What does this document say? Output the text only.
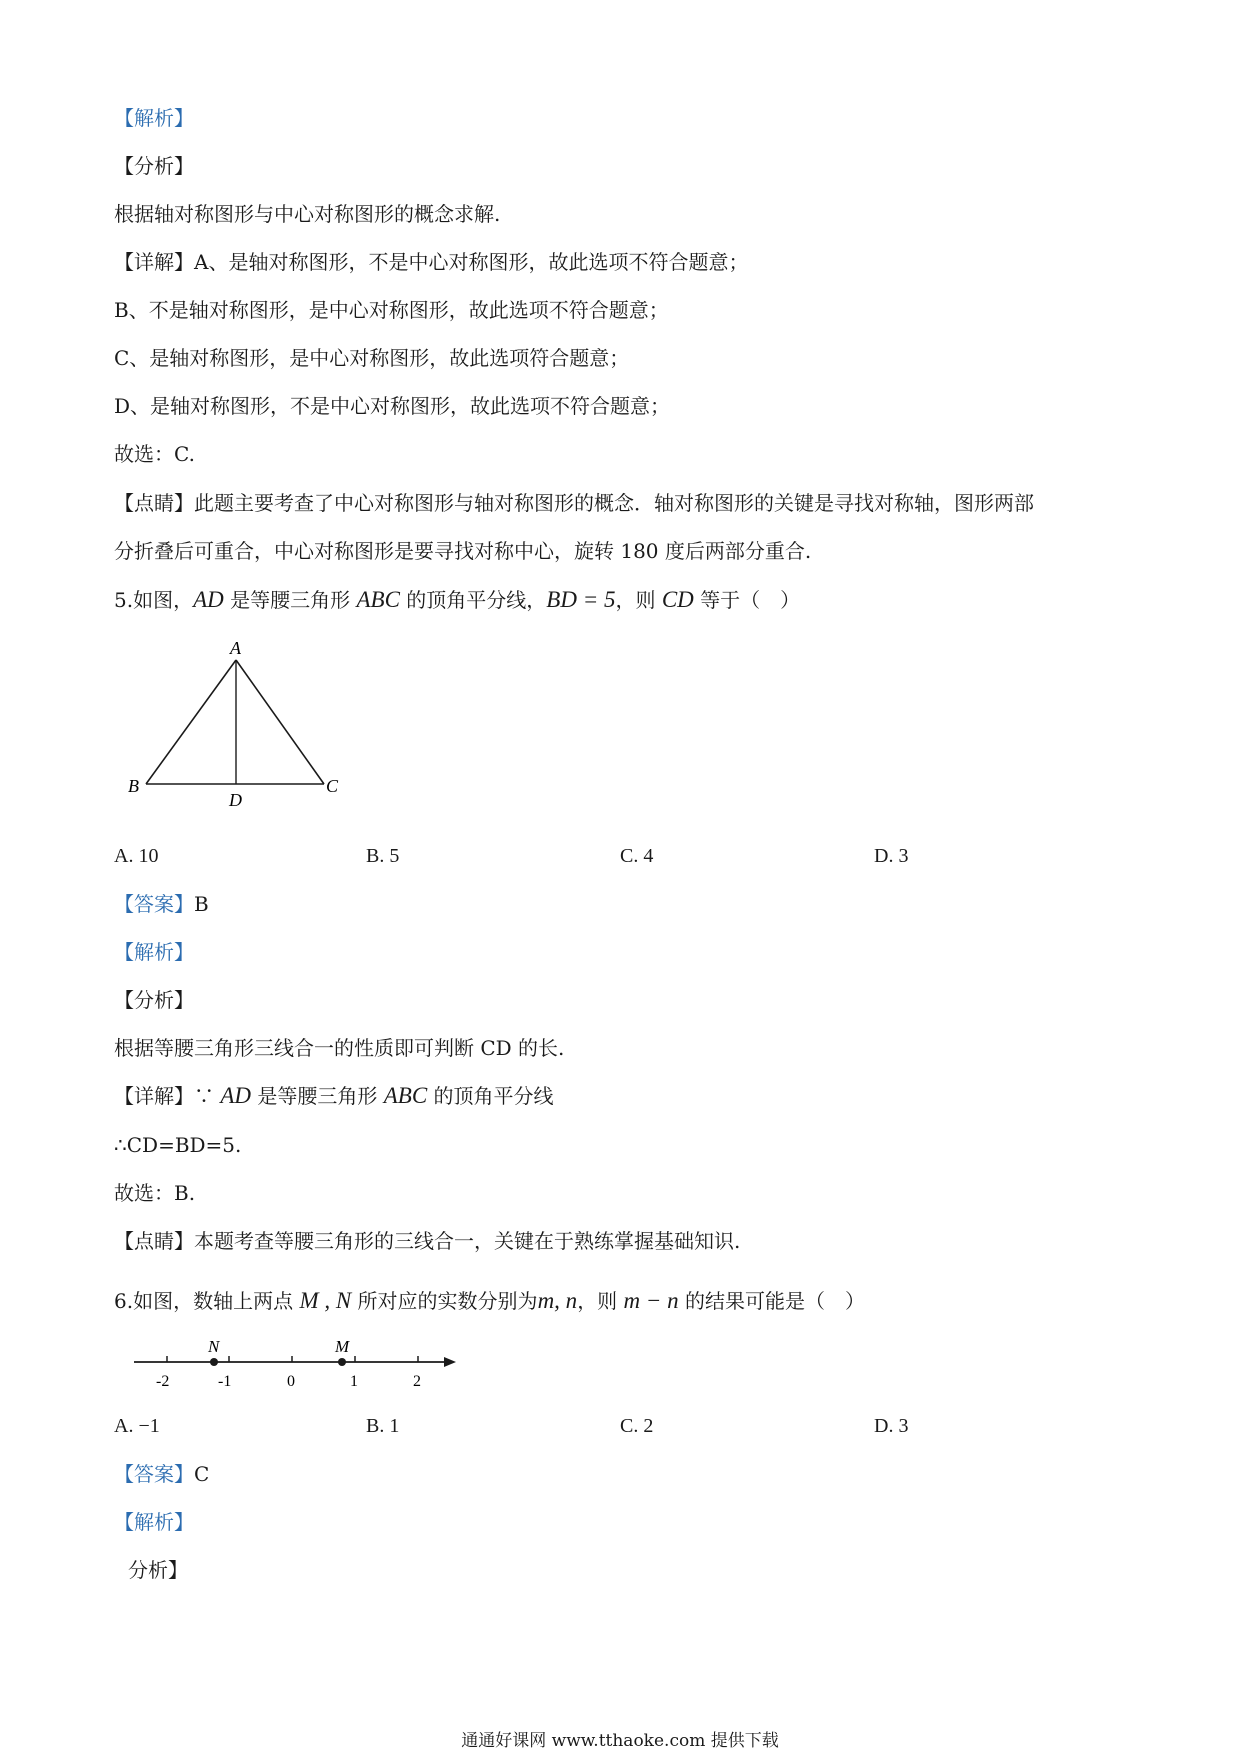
【解析】
【分析】
根据轴对称图形与中心对称图形的概念求解.
【详解】A、是轴对称图形，不是中心对称图形，故此选项不符合题意；
B、不是轴对称图形，是中心对称图形，故此选项不符合题意；
C、是轴对称图形，是中心对称图形，故此选项符合题意；
D、是轴对称图形，不是中心对称图形，故此选项不符合题意；
故选：C.
【点睛】此题主要考查了中心对称图形与轴对称图形的概念．轴对称图形的关键是寻找对称轴，图形两部
分折叠后可重合，中心对称图形是要寻找对称中心，旋转 180 度后两部分重合.
5.如图，AD 是等腰三角形 ABC 的顶角平分线，BD = 5，则 CD 等于（　）
A
B	C
D
A. 10	B. 5	C. 4	D. 3
【答案】B
【解析】
【分析】
根据等腰三角形三线合一的性质即可判断 CD 的长.
【详解】∵ AD 是等腰三角形 ABC 的顶角平分线
∴CD=BD=5.
故选：B.
【点睛】本题考查等腰三角形的三线合一，关键在于熟练掌握基础知识.
6.如图，数轴上两点 M , N 所对应的实数分别为m, n，则 m − n 的结果可能是（　）
N	M
-2	-1	0	1	2
A. −1	B. 1	C. 2	D. 3
【答案】C
【解析】
分析】
通通好课网 www.tthaoke.com 提供下载
